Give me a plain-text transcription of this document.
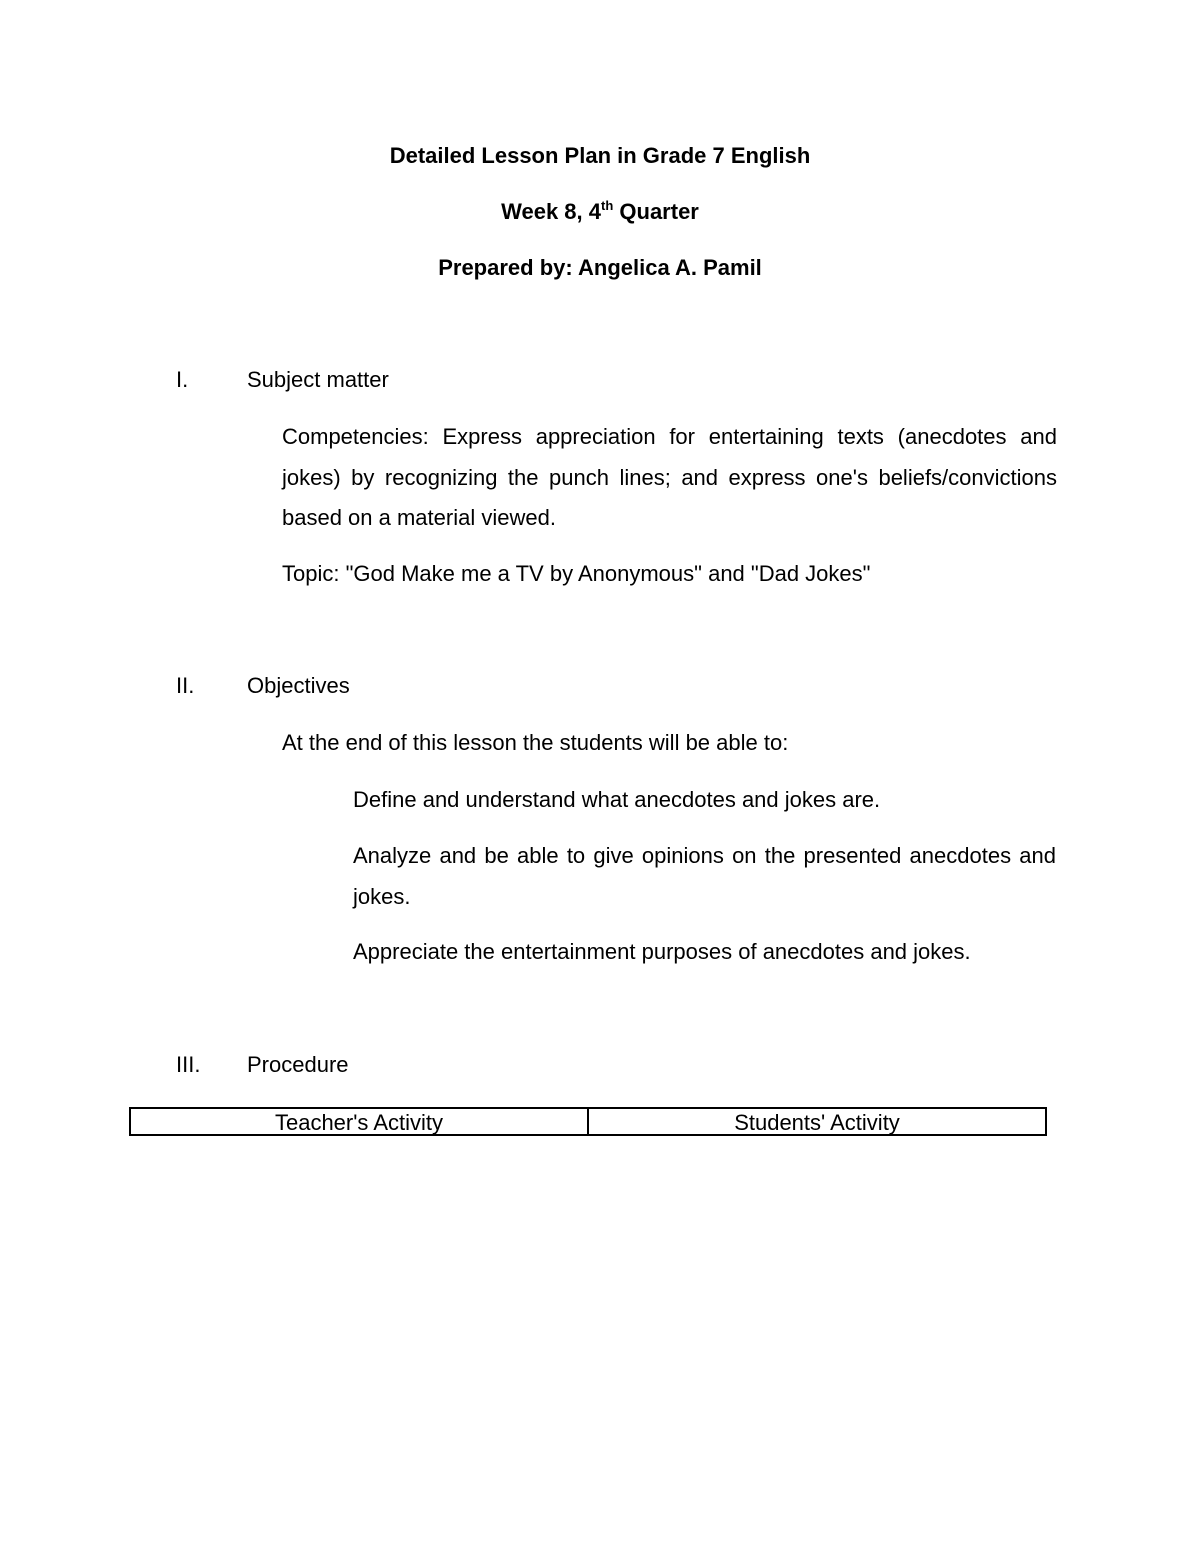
Detailed Lesson Plan in Grade 7 English
Week 8, 4th Quarter
Prepared by: Angelica A. Pamil
I.	Subject matter
Competencies: Express appreciation for entertaining texts (anecdotes and jokes) by recognizing the punch lines; and express one's beliefs/convictions based on a material viewed.
Topic: "God Make me a TV by Anonymous" and "Dad Jokes"
II. Objectives
At the end of this lesson the students will be able to:
Define and understand what anecdotes and jokes are.
Analyze and be able to give opinions on the presented anecdotes and jokes.
Appreciate the entertainment purposes of anecdotes and jokes.
III. Procedure
Teacher's Activity	Students' Activity
